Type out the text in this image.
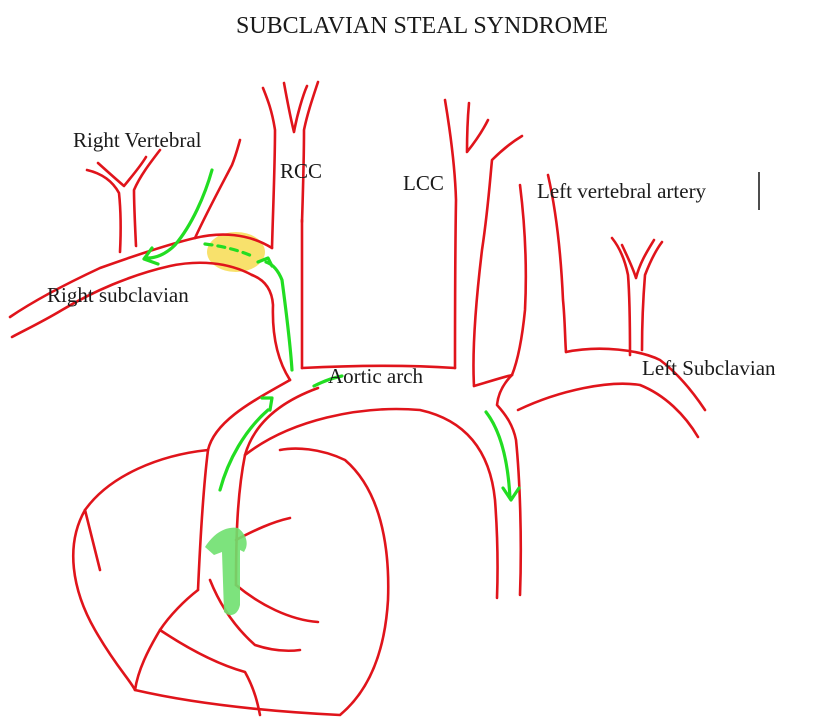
SUBCLAVIAN STEAL SYNDROME
Right Vertebral
RCC	LCC	Left vertebral artery
Right subclavian
Aortic arch	Left Subclavian
